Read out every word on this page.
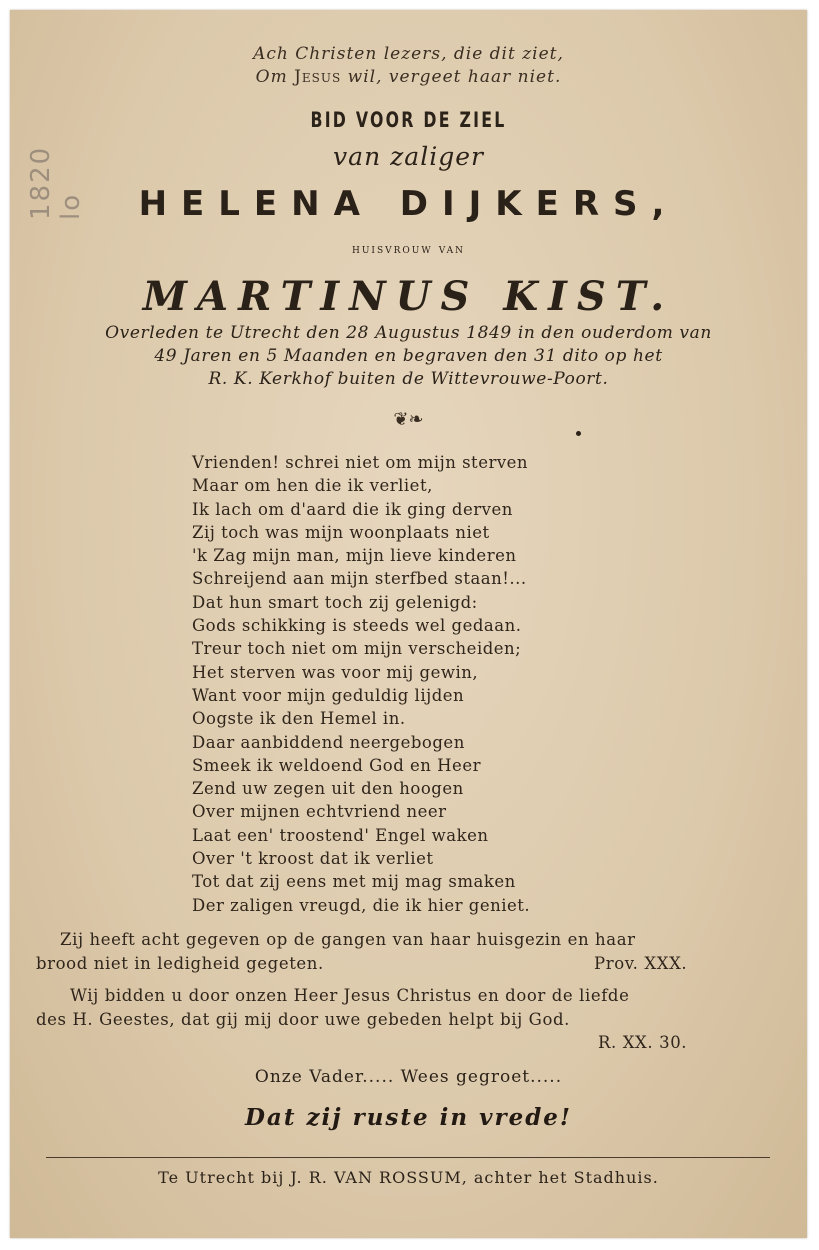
1820 lo
Ach Christen lezers, die dit ziet,
Om Jesus wil, vergeet haar niet.
BID VOOR DE ZIEL
van zaliger
HELENA DIJKERS,
huisvrouw van
MARTINUS KIST.
Overleden te Utrecht den 28 Augustus 1849 in den ouderdom van
49 Jaren en 5 Maanden en begraven den 31 dito op het
R. K. Kerkhof buiten de Wittevrouwe-Poort.
❦❧
Vrienden! schrei niet om mijn sterven
Maar om hen die ik verliet,
Ik lach om d'aard die ik ging derven
Zij toch was mijn woonplaats niet
'k Zag mijn man, mijn lieve kinderen
Schreijend aan mijn sterfbed staan!...
Dat hun smart toch zij gelenigd:
Gods schikking is steeds wel gedaan.
Treur toch niet om mijn verscheiden;
Het sterven was voor mij gewin,
Want voor mijn geduldig lijden
Oogste ik den Hemel in.
Daar aanbiddend neergebogen
Smeek ik weldoend God en Heer
Zend uw zegen uit den hoogen
Over mijnen echtvriend neer
Laat een' troostend' Engel waken
Over 't kroost dat ik verliet
Tot dat zij eens met mij mag smaken
Der zaligen vreugd, die ik hier geniet.
Zij heeft acht gegeven op de gangen van haar huisgezin en haar
brood niet in ledigheid gegeten.	Prov. XXX.
Wij bidden u door onzen Heer Jesus Christus en door de liefde
des H. Geestes, dat gij mij door uwe gebeden helpt bij God.
R. XX. 30.
Onze Vader..... Wees gegroet.....
Dat zij ruste in vrede!
Te Utrecht bij J. R. VAN ROSSUM, achter het Stadhuis.
